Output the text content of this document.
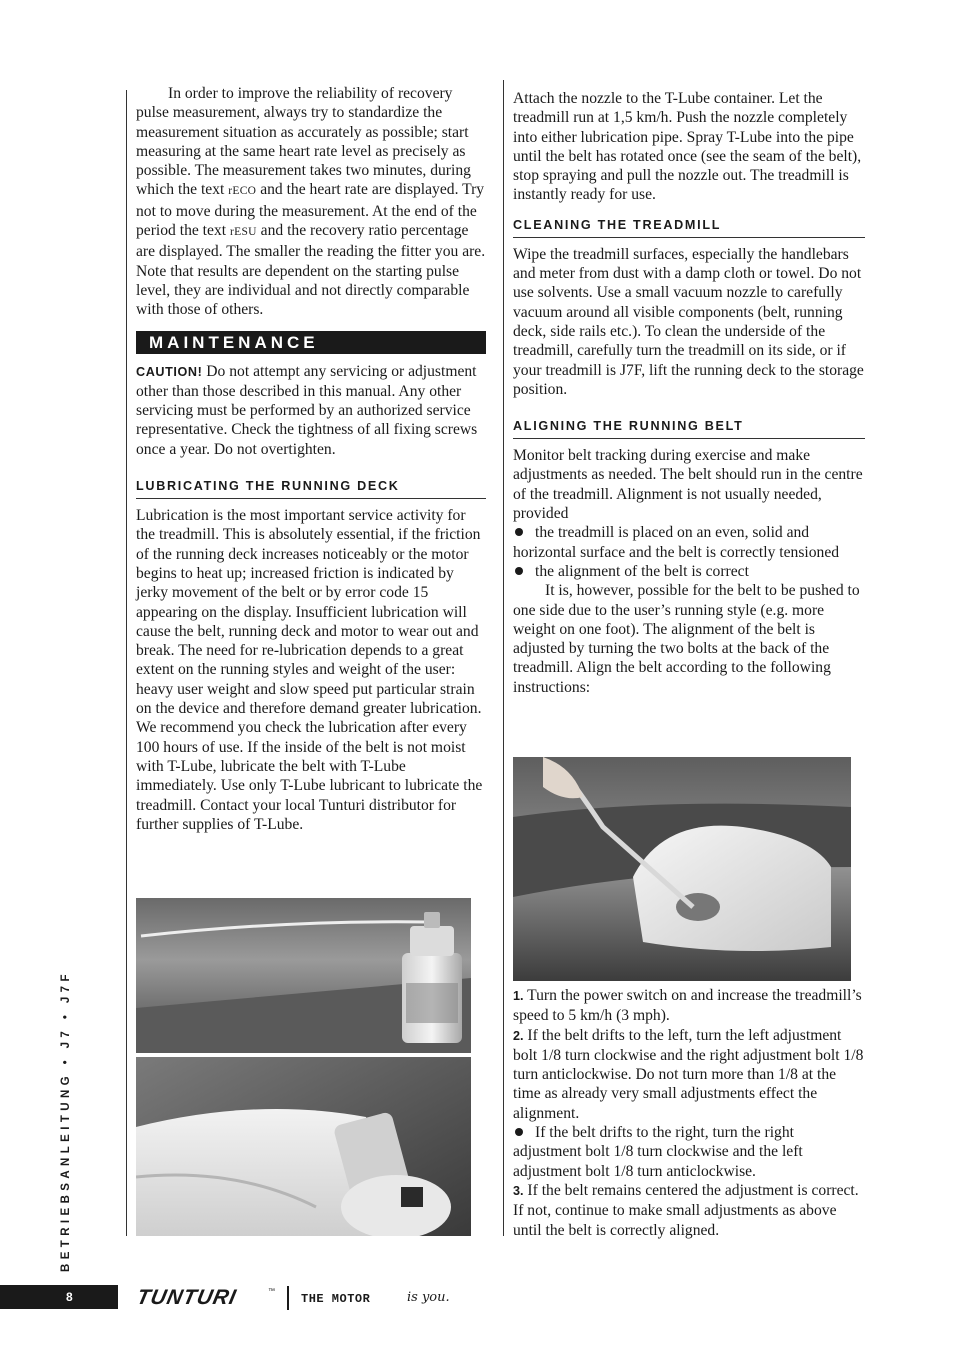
In order to improve the reliability of recovery pulse measurement, always try to standardize the measurement situation as accurately as possible; start measuring at the same heart rate level as precisely as possible. The measurement takes two minutes, during which the text rECO and the heart rate are displayed. Try not to move during the measurement. At the end of the period the text rESU and the recovery ratio percentage are displayed. The smaller the reading the fitter you are. Note that results are dependent on the starting pulse level, they are individual and not directly comparable with those of others.

MAINTENANCE

CAUTION! Do not attempt any servicing or adjustment other than those described in this manual. Any other servicing must be performed by an authorized service representative. Check the tightness of all fixing screws once a year. Do not overtighten.

LUBRICATING THE RUNNING DECK

Lubrication is the most important service activity for the treadmill. This is absolutely essential, if the friction of the running deck increases noticeably or the motor begins to heat up; increased friction is indicated by jerky movement of the belt or by error code 15 appearing on the display. Insufficient lubrication will cause the belt, running deck and motor to wear out and break. The need for re-lubrication depends to a great extent on the running styles and weight of the user: heavy user weight and slow speed put particular strain on the device and therefore demand greater lubrication. We recommend you check the lubrication after every 100 hours of use. If the inside of the belt is not moist with T-Lube, lubricate the belt with T-Lube immediately. Use only T-Lube lubricant to lubricate the treadmill. Contact your local Tunturi distributor for further supplies of T-Lube.

Attach the nozzle to the T-Lube container. Let the treadmill run at 1,5 km/h. Push the nozzle completely into either lubrication pipe. Spray T-Lube into the pipe until the belt has rotated once (see the seam of the belt), stop spraying and pull the nozzle out. The treadmill is instantly ready for use.

CLEANING THE TREADMILL

Wipe the treadmill surfaces, especially the handlebars and meter from dust with a damp cloth or towel. Do not use solvents. Use a small vacuum nozzle to carefully vacuum around all visible components (belt, running deck, side rails etc.). To clean the underside of the treadmill, carefully turn the treadmill on its side, or if your treadmill is J7F, lift the running deck to the storage position.

ALIGNING THE RUNNING BELT

Monitor belt tracking during exercise and make adjustments as needed. The belt should run in the centre of the treadmill. Alignment is not usually needed, provided

the treadmill is placed on an even, solid and horizontal surface and the belt is correctly tensioned

the alignment of the belt is correct

It is, however, possible for the belt to be pushed to one side due to the user’s running style (e.g. more weight on one foot). The alignment of the belt is adjusted by turning the two bolts at the back of the treadmill. Align the belt according to the following instructions:

1. Turn the power switch on and increase the treadmill’s speed to 5 km/h (3 mph).

2. If the belt drifts to the left, turn the left adjustment bolt 1/8 turn clockwise and the right adjustment bolt 1/8 turn anticlockwise. Do not turn more than 1/8 at the time as already very small adjustments effect the alignment.

If the belt drifts to the right, turn the right adjustment bolt 1/8 turn clockwise and the left adjustment bolt 1/8 turn anticlockwise.

3. If the belt remains centered the adjustment is correct. If not, continue to make small adjustments as above until the belt is correctly aligned.

BETRIEBSANLEITUNG • J7 • J7F
8	TUNTURI	™
THE MOTOR	is you.
